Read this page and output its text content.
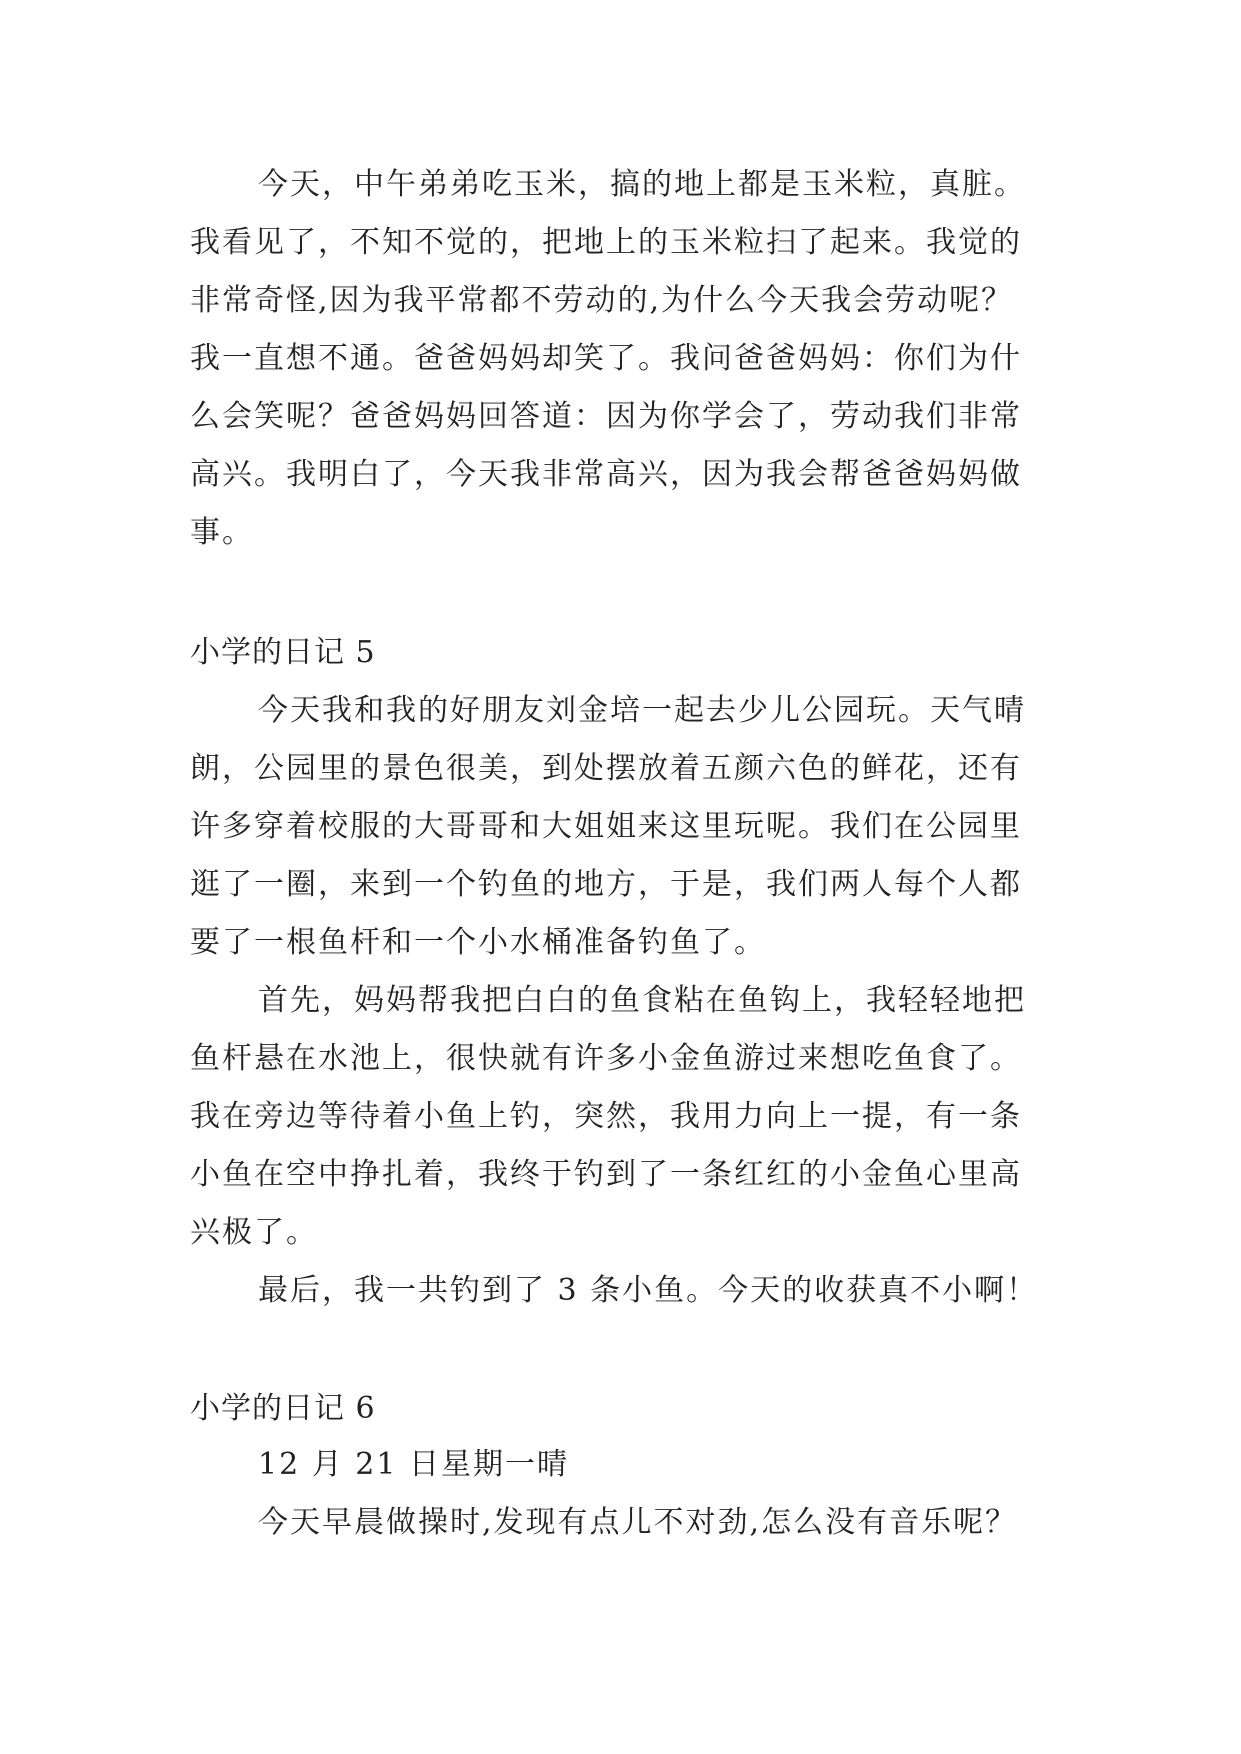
今天，中午弟弟吃玉米，搞的地上都是玉米粒，真脏。
我看见了，不知不觉的，把地上的玉米粒扫了起来。我觉的
非常奇怪,因为我平常都不劳动的,为什么今天我会劳动呢？
我一直想不通。爸爸妈妈却笑了。我问爸爸妈妈：你们为什
么会笑呢？爸爸妈妈回答道：因为你学会了，劳动我们非常
高兴。我明白了，今天我非常高兴，因为我会帮爸爸妈妈做
事。
小学的日记 5
今天我和我的好朋友刘金培一起去少儿公园玩。天气晴
朗，公园里的景色很美，到处摆放着五颜六色的鲜花，还有
许多穿着校服的大哥哥和大姐姐来这里玩呢。我们在公园里
逛了一圈，来到一个钓鱼的地方，于是，我们两人每个人都
要了一根鱼杆和一个小水桶准备钓鱼了。
首先，妈妈帮我把白白的鱼食粘在鱼钩上，我轻轻地把
鱼杆悬在水池上，很快就有许多小金鱼游过来想吃鱼食了。
我在旁边等待着小鱼上钓，突然，我用力向上一提，有一条
小鱼在空中挣扎着，我终于钓到了一条红红的小金鱼心里高
兴极了。
最后，我一共钓到了 3 条小鱼。今天的收获真不小啊！
小学的日记 6
12 月 21 日星期一晴
今天早晨做操时,发现有点儿不对劲,怎么没有音乐呢？
